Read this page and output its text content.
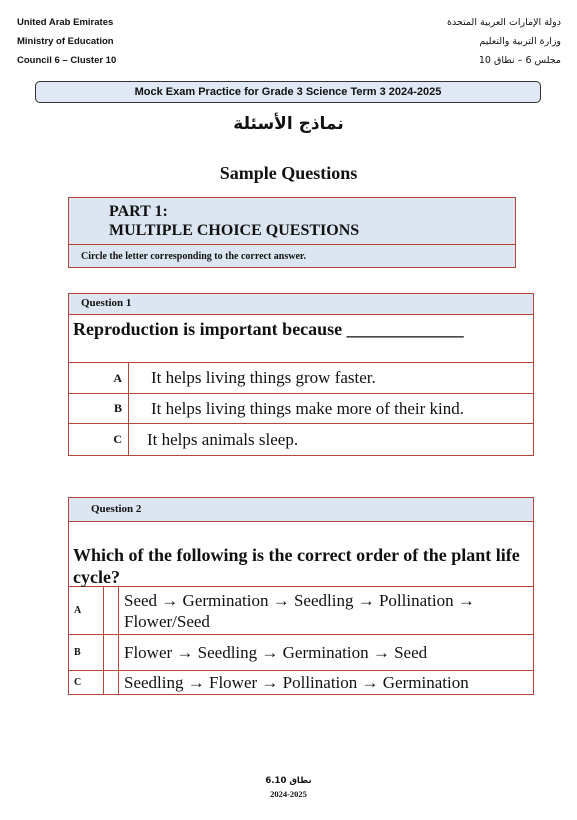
United Arab Emirates
Ministry of Education
Council 6 – Cluster 10
دولة الإمارات العربية المتحدة
وزارة التربية والتعليم
مجلس 6 – نطاق 10
Mock Exam Practice for Grade 3 Science Term 3 2024-2025
نماذج الأسئلة
Sample Questions
PART 1:
MULTIPLE CHOICE QUESTIONS
Circle the letter corresponding to the correct answer.
Question 1
Reproduction is important because _____________
A	It helps living things grow faster.
B	It helps living things make more of their kind.
C	It helps animals sleep.
Question 2
Which of the following is the correct order of the plant life cycle?
A
Seed → Germination → Seedling → Pollination → Flower/Seed
B	Flower → Seedling → Germination → Seed
C	Seedling → Flower → Pollination → Germination
نطاق 6.10
2024-2025
